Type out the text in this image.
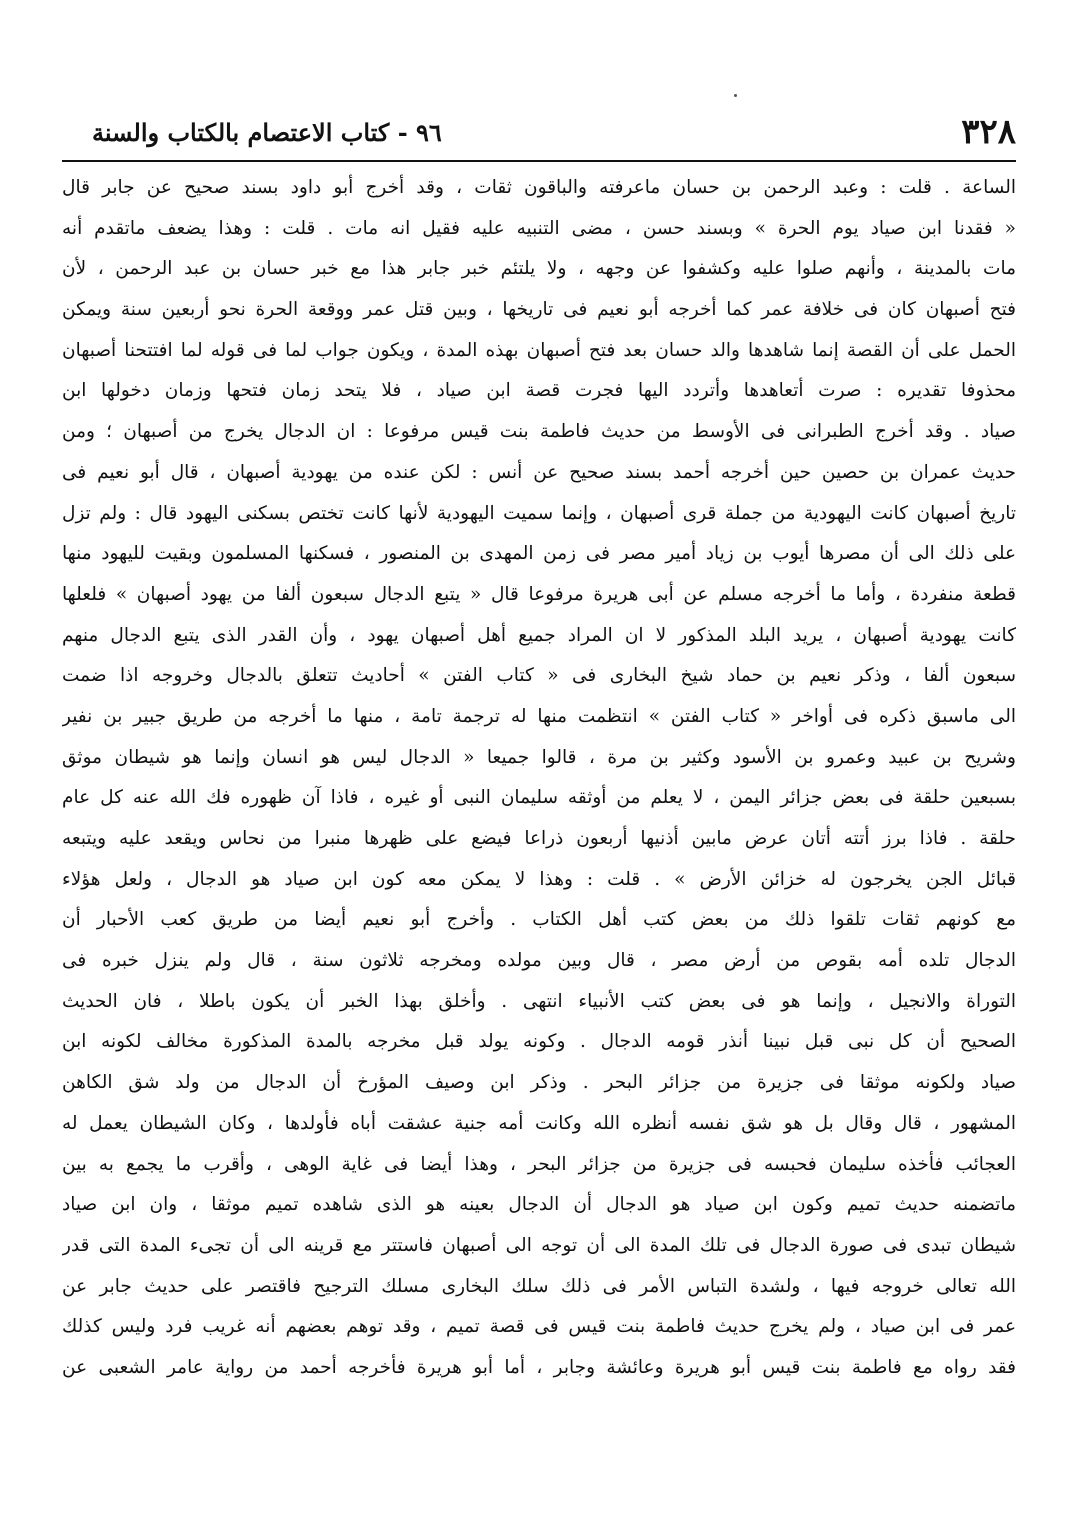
٣٢٨
٩٦ - كتاب الاعتصام بالكتاب والسنة
الساعة . قلت : وعبد الرحمن بن حسان ماعرفته والباقون ثقات ، وقد أخرج أبو داود بسند صحيح عن جابر قال
« فقدنا ابن صياد يوم الحرة » وبسند حسن ، مضى التنبيه عليه فقيل انه مات . قلت : وهذا يضعف ماتقدم أنه
مات بالمدينة ، وأنهم صلوا عليه وكشفوا عن وجهه ، ولا يلتئم خبر جابر هذا مع خبر حسان بن عبد الرحمن ، لأن
فتح أصبهان كان فى خلافة عمر كما أخرجه أبو نعيم فى تاريخها ، وبين قتل عمر ووقعة الحرة نحو أربعين سنة ويمكن
الحمل على أن القصة إنما شاهدها والد حسان بعد فتح أصبهان بهذه المدة ، ويكون جواب لما فى قوله لما افتتحنا أصبهان
محذوفا تقديره : صرت أتعاهدها وأتردد اليها فجرت قصة ابن صياد ، فلا يتحد زمان فتحها وزمان دخولها ابن
صياد . وقد أخرج الطبرانى فى الأوسط من حديث فاطمة بنت قيس مرفوعا : ان الدجال يخرج من أصبهان ؛ ومن
حديث عمران بن حصين حين أخرجه أحمد بسند صحيح عن أنس : لكن عنده من يهودية أصبهان ، قال أبو نعيم فى
تاريخ أصبهان كانت اليهودية من جملة قرى أصبهان ، وإنما سميت اليهودية لأنها كانت تختص بسكنى اليهود قال : ولم تزل
على ذلك الى أن مصرها أيوب بن زياد أمير مصر فى زمن المهدى بن المنصور ، فسكنها المسلمون وبقيت لليهود منها
قطعة منفردة ، وأما ما أخرجه مسلم عن أبى هريرة مرفوعا قال « يتبع الدجال سبعون ألفا من يهود أصبهان » فلعلها
كانت يهودية أصبهان ، يريد البلد المذكور لا ان المراد جميع أهل أصبهان يهود ، وأن القدر الذى يتبع الدجال منهم
سبعون ألفا ، وذكر نعيم بن حماد شيخ البخارى فى « كتاب الفتن » أحاديث تتعلق بالدجال وخروجه اذا ضمت
الى ماسبق ذكره فى أواخر « كتاب الفتن » انتظمت منها له ترجمة تامة ، منها ما أخرجه من طريق جبير بن نفير
وشريح بن عبيد وعمرو بن الأسود وكثير بن مرة ، قالوا جميعا « الدجال ليس هو انسان وإنما هو شيطان موثق
بسبعين حلقة فى بعض جزائر اليمن ، لا يعلم من أوثقه سليمان النبى أو غيره ، فاذا آن ظهوره فك الله عنه كل عام
حلقة . فاذا برز أتته أتان عرض مابين أذنيها أربعون ذراعا فيضع على ظهرها منبرا من نحاس ويقعد عليه ويتبعه
قبائل الجن يخرجون له خزائن الأرض » . قلت : وهذا لا يمكن معه كون ابن صياد هو الدجال ، ولعل هؤلاء
مع كونهم ثقات تلقوا ذلك من بعض كتب أهل الكتاب . وأخرج أبو نعيم أيضا من طريق كعب الأحبار أن
الدجال تلده أمه بقوص من أرض مصر ، قال وبين مولده ومخرجه ثلاثون سنة ، قال ولم ينزل خبره فى
التوراة والانجيل ، وإنما هو فى بعض كتب الأنبياء انتهى . وأخلق بهذا الخبر أن يكون باطلا ، فان الحديث
الصحيح أن كل نبى قبل نبينا أنذر قومه الدجال . وكونه يولد قبل مخرجه بالمدة المذكورة مخالف لكونه ابن
صياد ولكونه موثقا فى جزيرة من جزائر البحر . وذكر ابن وصيف المؤرخ أن الدجال من ولد شق الكاهن
المشهور ، قال وقال بل هو شق نفسه أنظره الله وكانت أمه جنية عشقت أباه فأولدها ، وكان الشيطان يعمل له
العجائب فأخذه سليمان فحبسه فى جزيرة من جزائر البحر ، وهذا أيضا فى غاية الوهى ، وأقرب ما يجمع به بين
ماتضمنه حديث تميم وكون ابن صياد هو الدجال أن الدجال بعينه هو الذى شاهده تميم موثقا ، وان ابن صياد
شيطان تبدى فى صورة الدجال فى تلك المدة الى أن توجه الى أصبهان فاستتر مع قرينه الى أن تجىء المدة التى قدر
الله تعالى خروجه فيها ، ولشدة التباس الأمر فى ذلك سلك البخارى مسلك الترجيح فاقتصر على حديث جابر عن
عمر فى ابن صياد ، ولم يخرج حديث فاطمة بنت قيس فى قصة تميم ، وقد توهم بعضهم أنه غريب فرد وليس كذلك
فقد رواه مع فاطمة بنت قيس أبو هريرة وعائشة وجابر ، أما أبو هريرة فأخرجه أحمد من رواية عامر الشعبى عن
